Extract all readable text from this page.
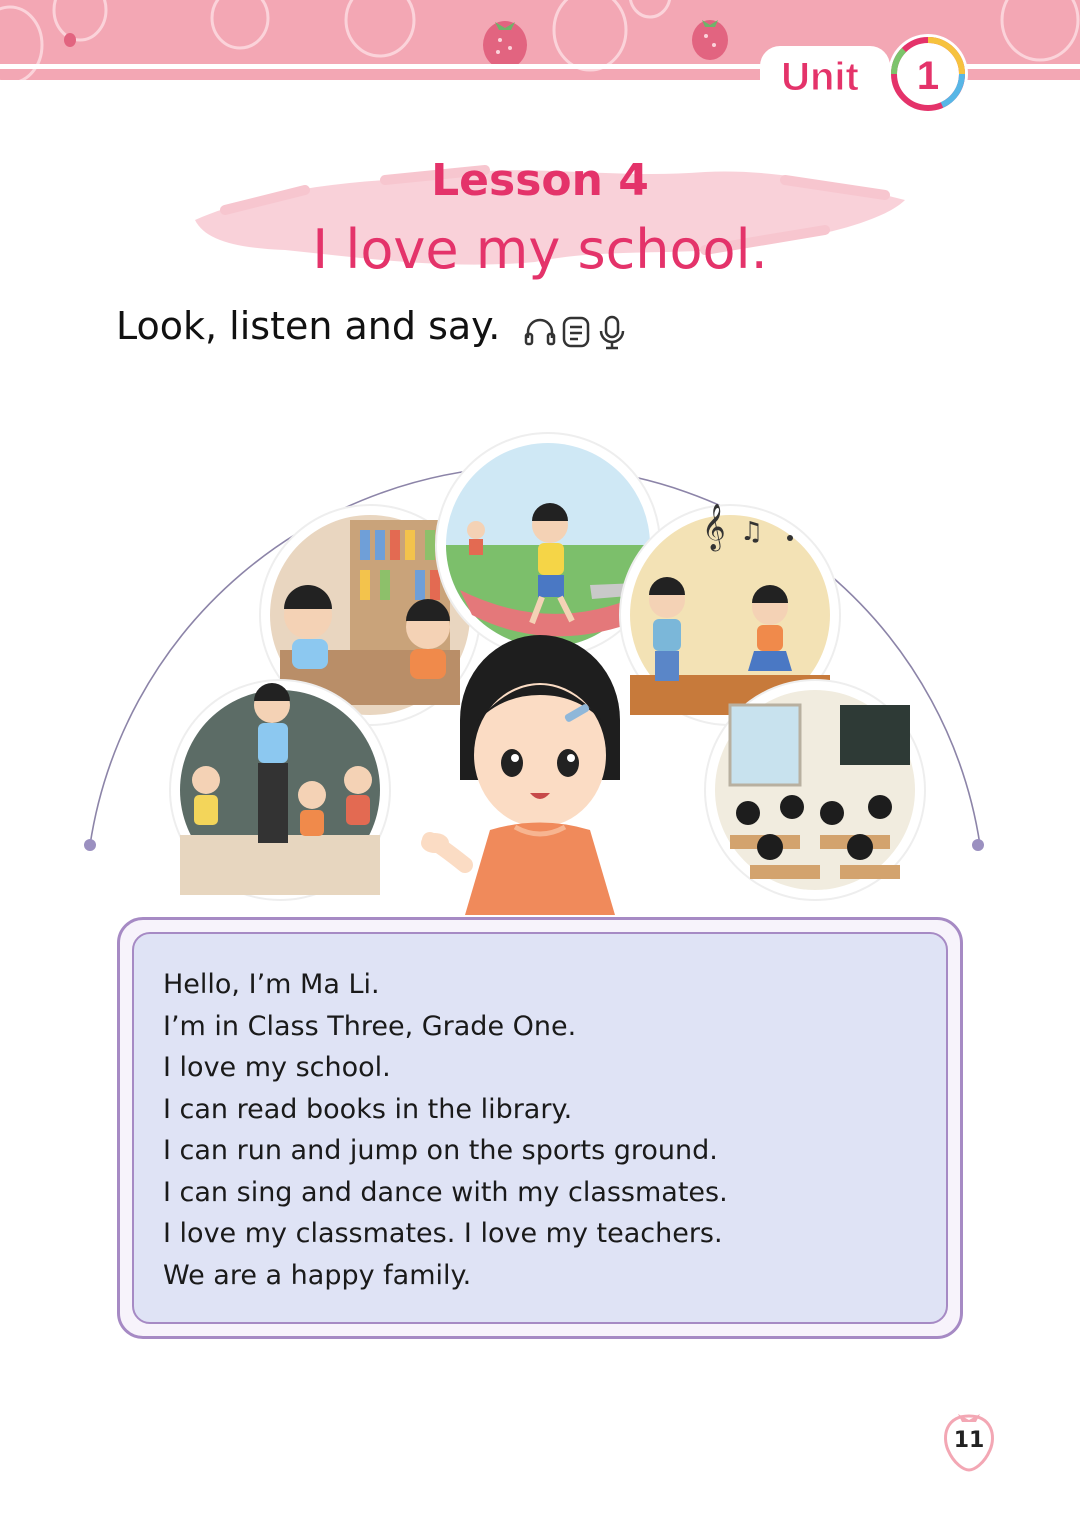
Unit 1
Lesson 4
I love my school.
Look, listen and say.
𝄞 ♫
Hello, I’m Ma Li.
I’m in Class Three, Grade One.
I love my school.
I can read books in the library.
I can run and jump on the sports ground.
I can sing and dance with my classmates.
I love my classmates. I love my teachers.
We are a happy family.
11
